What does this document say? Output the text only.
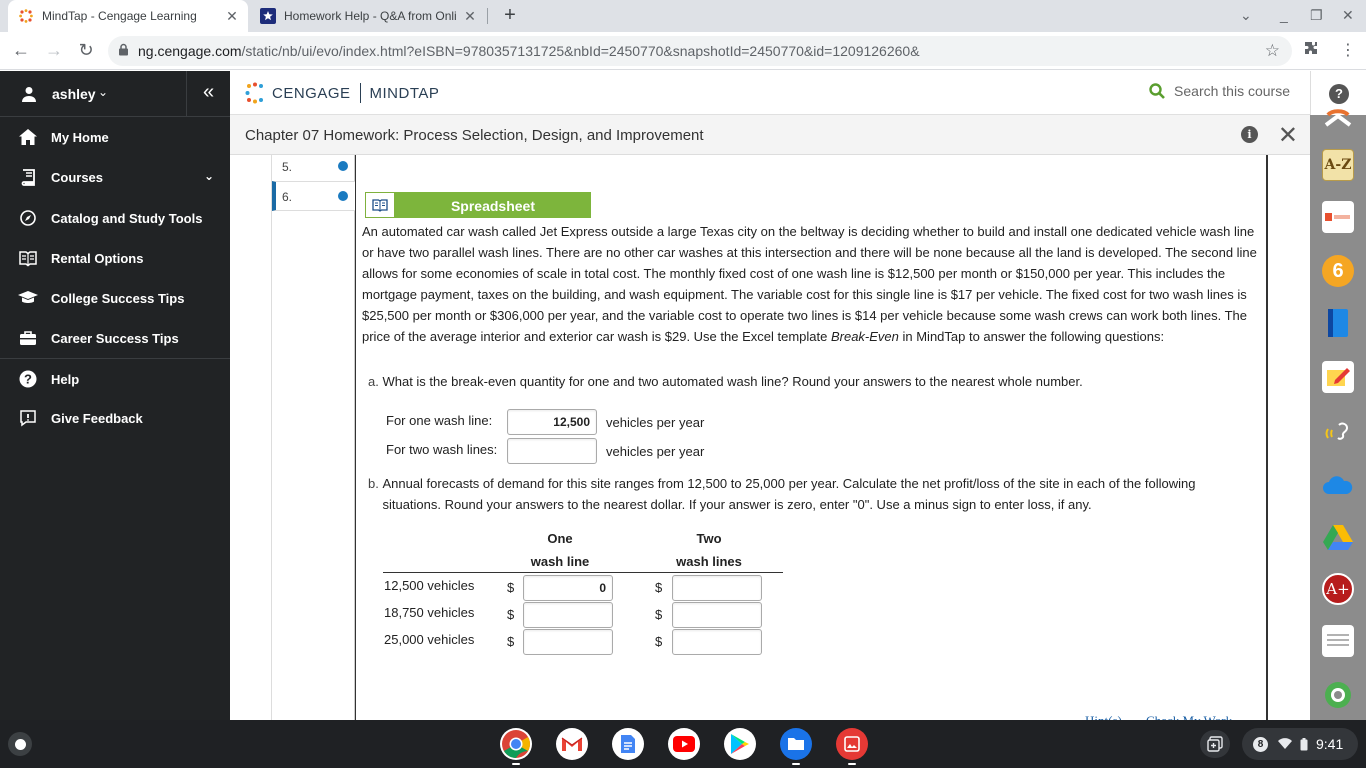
MindTap - Cengage Learning	✕	Homework Help - Q&A from Onli ✕	+	⌄ _ ❐ ✕
← → ↻	ng.cengage.com /static/nb/ui/evo/index.html?eISBN=9780357131725&nbId=2450770&snapshotId=2450770&id=1209126260&	☆	⋮
ashley ⌄	«
My Home
Courses	⌄
Catalog and Study Tools
Rental Options
College Success Tips
Career Success Tips
? Help
Give Feedback
CENGAGE MINDTAP	Search this course
Chapter 07 Homework: Process Selection, Design, and Improvement	i ✕
5.
6.
Spreadsheet
An automated car wash called Jet Express outside a large Texas city on the beltway is deciding whether to build and install one dedicated vehicle wash line or have two parallel wash lines. There are no other car washes at this intersection and there will be none because all the land is developed. The second line allows for some economies of scale in total cost. The monthly fixed cost of one wash line is $12,500 per month or $150,000 per year. This includes the mortgage payment, taxes on the building, and wash equipment. The variable cost for this single line is $17 per vehicle. The fixed cost for two wash lines is $25,500 per month or $306,000 per year, and the variable cost to operate two lines is $14 per vehicle because some wash crews can work both lines. The price of the average interior and exterior car wash is $29. Use the Excel template Break-Even in MindTap to answer the following questions:
a. What is the break-even quantity for one and two automated wash line? Round your answers to the nearest whole number.
For one wash line:	12,500	vehicles per year
For two wash lines:	vehicles per year
b. Annual forecasts of demand for this site ranges from 12,500 to 25,000 per year. Calculate the net profit/loss of the site in each of the following situations. Round your answers to the nearest dollar. If your answer is zero, enter "0". Use a minus sign to enter loss, if any.
One
wash line
Two
wash lines
12,500 vehicles	$	0	$
18,750 vehicles	$	$
25,000 vehicles	$	$
?
A-Z
6
A+
8	9:41
